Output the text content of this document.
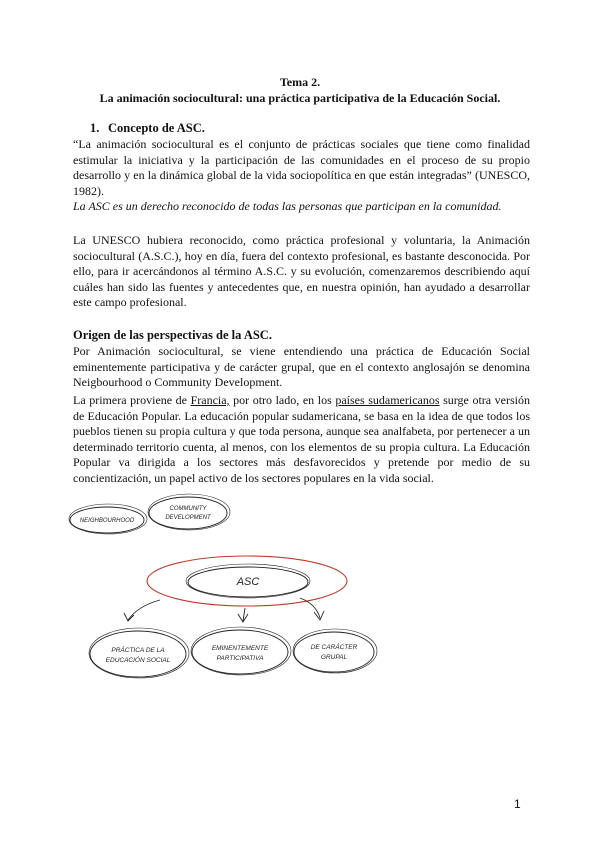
Tema 2.
La animación sociocultural: una práctica participativa de la Educación Social.
1. Concepto de ASC.

“La animación sociocultural es el conjunto de prácticas sociales que tiene como finalidad estimular la iniciativa y la participación de las comunidades en el proceso de su propio desarrollo y en la dinámica global de la vida sociopolítica en que están integradas” (UNESCO, 1982).

La ASC es un derecho reconocido de todas las personas que participan en la comunidad.

La UNESCO hubiera reconocido, como práctica profesional y voluntaria, la Animación sociocultural (A.S.C.), hoy en día, fuera del contexto profesional, es bastante desconocida. Por ello, para ir acercándonos al término A.S.C. y su evolución, comenzaremos describiendo aquí cuáles han sido las fuentes y antecedentes que, en nuestra opinión, han ayudado a desarrollar este campo profesional.

Origen de las perspectivas de la ASC.

Por Animación sociocultural, se viene entendiendo una práctica de Educación Social eminentemente participativa y de carácter grupal, que en el contexto anglosajón se denomina Neigbourhood o Community Development.

La primera proviene de Francia, por otro lado, en los países sudamericanos surge otra versión de Educación Popular. La educación popular sudamericana, se basa en la idea de que todos los pueblos tienen su propia cultura y que toda persona, aunque sea analfabeta, por pertenecer a un determinado territorio cuenta, al menos, con los elementos de su propia cultura. La Educación Popular va dirigida a los sectores más desfavorecidos y pretende por medio de su concientización, un papel activo de los sectores populares en la vida social.

NEIGHBOURHOOD
COMMUNITY
DEVELOPMENT
ASC
PRÁCTICA DE LA
EDUCACIÓN SOCIAL
EMINENTEMENTE
PARTICIPATIVA
DE CARÁCTER
GRUPAL
1
